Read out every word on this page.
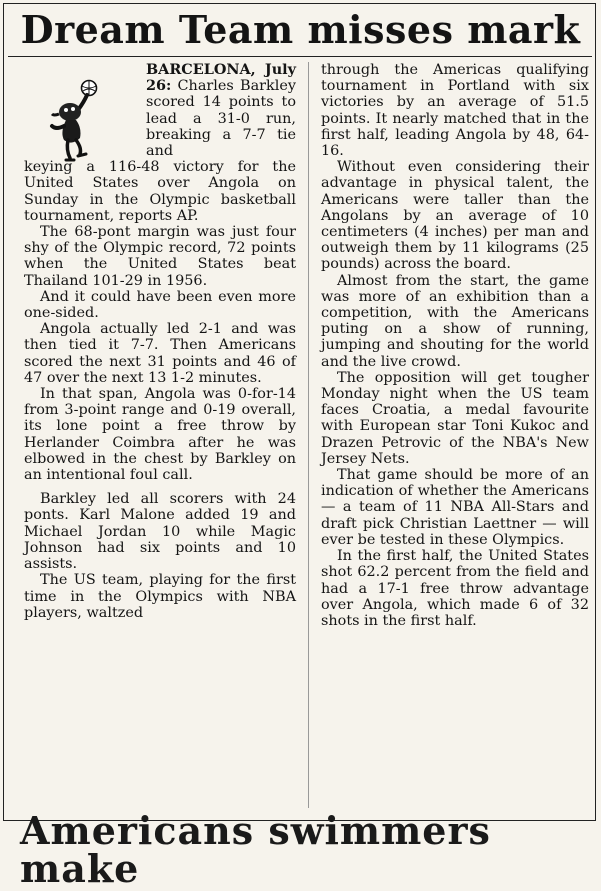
Dream Team misses mark
BARCELONA, July 26: Charles Barkley scored 14 points to lead a 31-0 run, breaking a 7-7 tie and

keying a 116-48 victory for the United States over Angola on Sunday in the Olympic basketball tournament, reports AP.

The 68-pont margin was just four shy of the Olympic record, 72 points when the United States beat Thailand 101-29 in 1956.

And it could have been even more one-sided.

Angola actually led 2-1 and was then tied it 7-7. Then Americans scored the next 31 points and 46 of 47 over the next 13 1-2 minutes.

In that span, Angola was 0-for-14 from 3-point range and 0-19 overall, its lone point a free throw by Herlander Coimbra after he was elbowed in the chest by Barkley on an intentional foul call.

Barkley led all scorers with 24 ponts. Karl Malone added 19 and Michael Jordan 10 while Magic Johnson had six points and 10 assists.

The US team, playing for the first time in the Olympics with NBA players, waltzed

through the Americas qualifying tournament in Portland with six victories by an average of 51.5 points. It nearly matched that in the first half, leading Angola by 48, 64-16.

Without even considering their advantage in physical talent, the Americans were taller than the Angolans by an average of 10 centimeters (4 inches) per man and outweigh them by 11 kilograms (25 pounds) across the board.

Almost from the start, the game was more of an exhibition than a competition, with the Americans puting on a show of running, jumping and shouting for the world and the live crowd.

The opposition will get tougher Monday night when the US team faces Croatia, a medal favourite with European star Toni Kukoc and Drazen Petrovic of the NBA's New Jersey Nets.

That game should be more of an indication of whether the Americans — a team of 11 NBA All-Stars and draft pick Christian Laettner — will ever be tested in these Olympics.

In the first half, the United States shot 62.2 percent from the field and had a 17-1 free throw advantage over Angola, which made 6 of 32 shots in the first half.

Americans swimmers make
